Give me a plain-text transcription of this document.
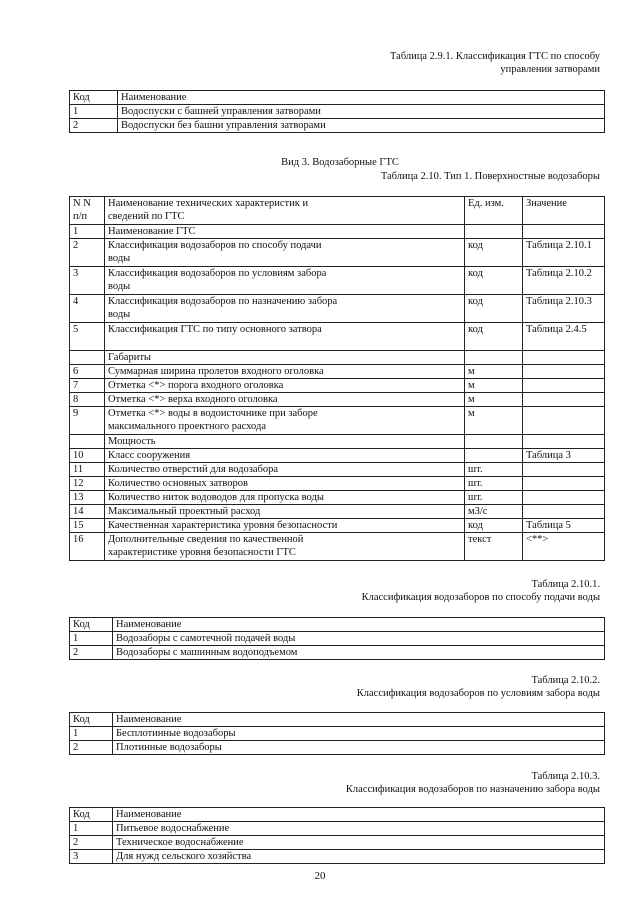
Таблица 2.9.1. Классификация ГТС по способу
управления затворами
Код	Наименование
1	Водоспуски с башней управления затворами
2	Водоспуски без башни управления затворами
Вид 3. Водозаборные ГТС
Таблица 2.10. Тип 1. Поверхностные водозаборы
N N п/п	Наименование технических характеристик и сведений по ГТС	Ед. изм.	Значение
1	Наименование ГТС		
2	Классификация водозаборов по способу подачи воды	код	Таблица 2.10.1
3	Классификация водозаборов по условиям забора воды	код	Таблица 2.10.2
4	Классификация водозаборов по назначению забора воды	код	Таблица 2.10.3
5	Классификация ГТС по типу основного затвора	код	Таблица 2.4.5
	Габариты		
6	Суммарная ширина пролетов входного оголовка	м	
7	Отметка <*> порога входного оголовка	м	
8	Отметка <*> верха входного оголовка	м	
9	Отметка <*> воды в водоисточнике при заборе максимального проектного расхода	м	
	Мощность		
10	Класс сооружения		Таблица 3
11	Количество отверстий для водозабора	шт.	
12	Количество основных затворов	шт.	
13	Количество ниток водоводов для пропуска воды	шт.	
14	Максимальный проектный расход	м3/с	
15	Качественная характеристика уровня безопасности	код	Таблица 5
16	Дополнительные сведения по качественной характеристике уровня безопасности ГТС	текст	<**>
Таблица 2.10.1.
Классификация водозаборов по способу подачи воды
Код	Наименование
1	Водозаборы с самотечной подачей воды
2	Водозаборы с машинным водоподъемом
Таблица 2.10.2.
Классификация водозаборов по условиям забора воды
Код	Наименование
1	Бесплотинные водозаборы
2	Плотинные водозаборы
Таблица 2.10.3.
Классификация водозаборов по назначению забора воды
Код	Наименование
1	Питьевое водоснабжение
2	Техническое водоснабжение
3	Для нужд сельского хозяйства
20
